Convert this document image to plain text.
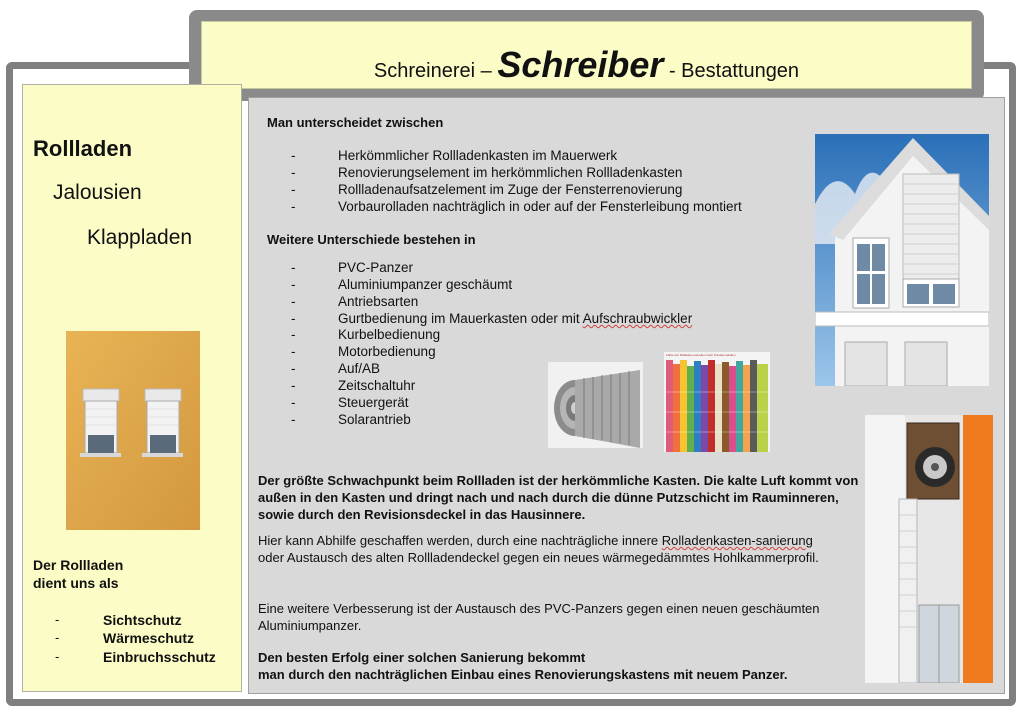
Schreinerei – Schreiber - Bestattungen
Rollladen
Jalousien
Klappladen
Der Rollladen
dient uns als
-	Sichtschutz
-	Wärmeschutz
-	Einbruchsschutz
Man unterscheidet zwischen
-	Herkömmlicher Rollladenkasten im Mauerwerk
-	Renovierungselement im herkömmlichen Rollladenkasten
-	Rollladenaufsatzelement im Zuge der Fensterrenovierung
-	Vorbaurolladen nachträglich in oder auf der Fensterleibung montiert
Weitere Unterschiede bestehen in
-	PVC-Panzer
-	Aluminiumpanzer geschäumt
-	Antriebsarten
-	Gurtbedienung im Mauerkasten oder mit Aufschraubwickler
-	Kurbelbedienung
-	Motorbedienung
-	Auf/AB
-	Zeitschaltuhr
-	Steuergerät
-	Solarantrieb
Farbe der Rollladen-Lamellen nach Sondermodellen
Der größte Schwachpunkt beim Rollladen ist der herkömmliche Kasten. Die kalte Luft kommt von außen in den Kasten und dringt nach und nach durch die dünne Putzschicht im Rauminneren, sowie durch den Revisionsdeckel in das Hausinnere.
Hier kann Abhilfe geschaffen werden, durch eine nachträgliche innere Rolladenkasten-sanierung oder Austausch des alten Rollladendeckel gegen ein neues wärmegedämmtes Hohlkammerprofil.
Eine weitere Verbesserung ist der Austausch des PVC-Panzers gegen einen neuen geschäumten Aluminiumpanzer.
Den besten Erfolg einer solchen Sanierung bekommt
man durch den nachträglichen Einbau eines Renovierungskastens mit neuem Panzer.
